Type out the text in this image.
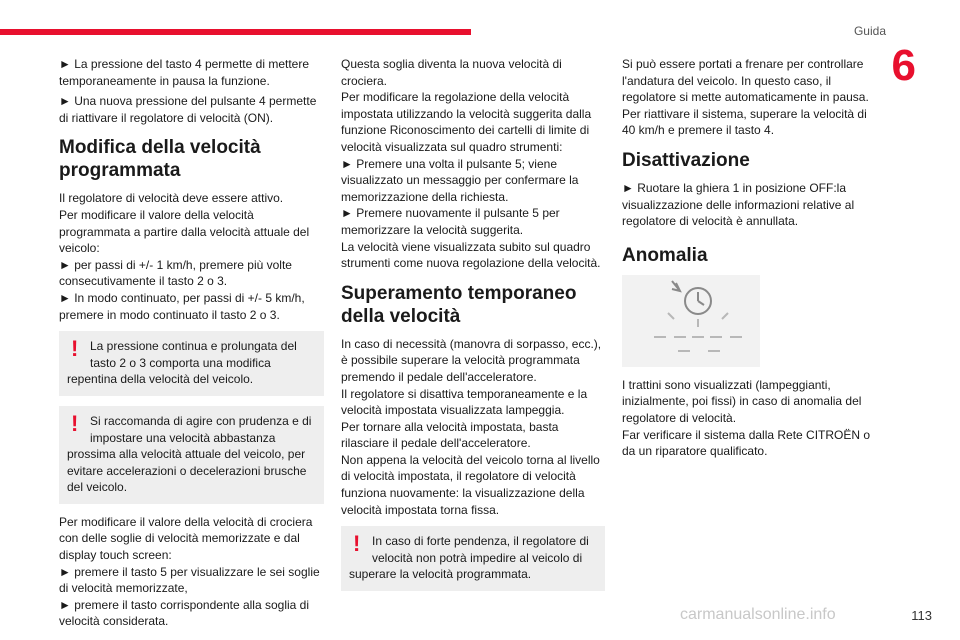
Guida
6

► La pressione del tasto 4 permette di mettere temporaneamente in pausa la funzione.

► Una nuova pressione del pulsante 4 permette di riattivare il regolatore di velocità (ON).

Modifica della velocità programmata

Il regolatore di velocità deve essere attivo.

Per modificare il valore della velocità programmata a partire dalla velocità attuale del veicolo:

► per passi di +/- 1 km/h, premere più volte consecutivamente il tasto 2 o 3.

► In modo continuato, per passi di +/- 5 km/h, premere in modo continuato il tasto 2 o 3.

! La pressione continua e prolungata del tasto 2 o 3 comporta una modifica

repentina della velocità del veicolo.

! Si raccomanda di agire con prudenza e di impostare una velocità abbastanza

prossima alla velocità attuale del veicolo, per evitare accelerazioni o decelerazioni brusche del veicolo.

Per modificare il valore della velocità di crociera con delle soglie di velocità memorizzate e dal display touch screen:

► premere il tasto 5 per visualizzare le sei soglie di velocità memorizzate,

► premere il tasto corrispondente alla soglia di velocità considerata.

Questa soglia diventa la nuova velocità di crociera.

Per modificare la regolazione della velocità impostata utilizzando la velocità suggerita dalla funzione Riconoscimento dei cartelli di limite di velocità visualizzata sul quadro strumenti:

► Premere una volta il pulsante 5; viene visualizzato un messaggio per confermare la memorizzazione della richiesta.

► Premere nuovamente il pulsante 5 per memorizzare la velocità suggerita.

La velocità viene visualizzata subito sul quadro strumenti come nuova regolazione della velocità.

Superamento temporaneo della velocità

In caso di necessità (manovra di sorpasso, ecc.), è possibile superare la velocità programmata premendo il pedale dell'acceleratore.

Il regolatore si disattiva temporaneamente e la velocità impostata visualizzata lampeggia.

Per tornare alla velocità impostata, basta rilasciare il pedale dell'acceleratore.

Non appena la velocità del veicolo torna al livello di velocità impostata, il regolatore di velocità funziona nuovamente: la visualizzazione della velocità impostata torna fissa.

! In caso di forte pendenza, il regolatore di velocità non potrà impedire al veicolo di

superare la velocità programmata.

Si può essere portati a frenare per controllare l'andatura del veicolo. In questo caso, il regolatore si mette automaticamente in pausa.

Per riattivare il sistema, superare la velocità di 40 km/h e premere il tasto 4.

Disattivazione

► Ruotare la ghiera 1 in posizione OFF:la visualizzazione delle informazioni relative al regolatore di velocità è annullata.

Anomalia

I trattini sono visualizzati (lampeggianti, inizialmente, poi fissi) in caso di anomalia del regolatore di velocità.

Far verificare il sistema dalla Rete CITROËN o da un riparatore qualificato.

carmanualsonline.info	113
